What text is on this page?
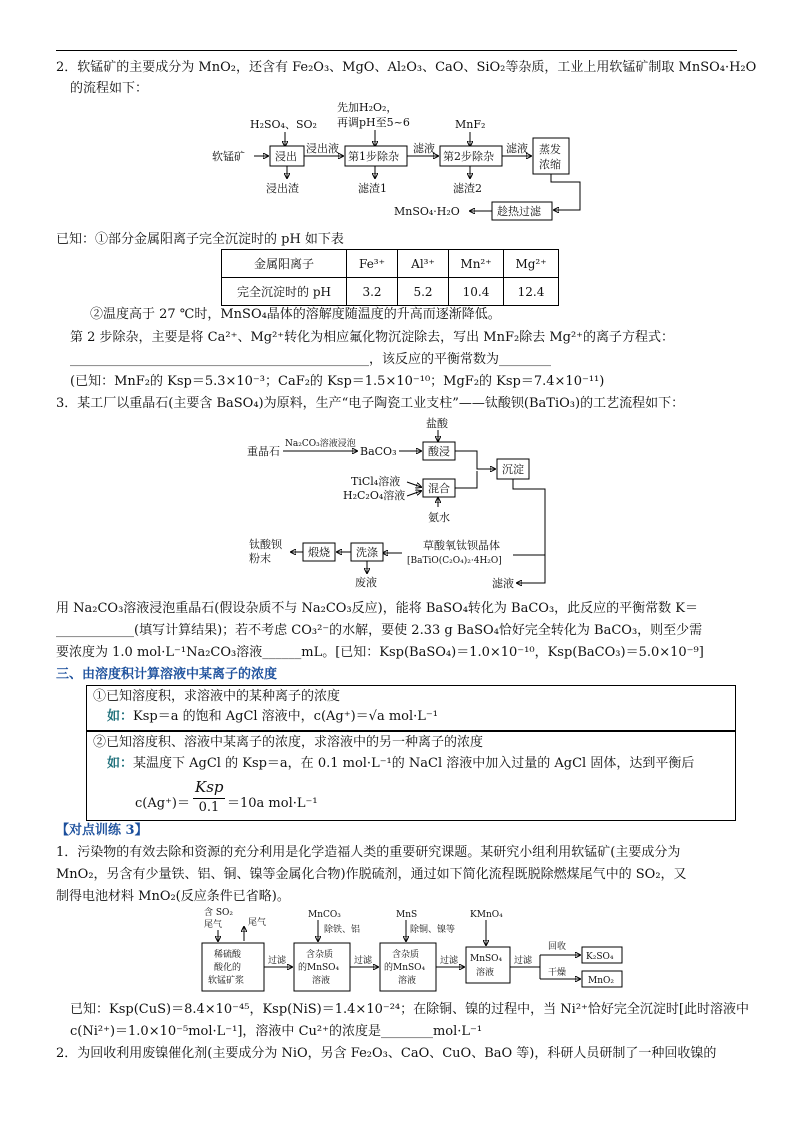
2．软锰矿的主要成分为 MnO₂，还含有 Fe₂O₃、MgO、Al₂O₃、CaO、SiO₂等杂质，工业上用软锰矿制取 MnSO₄·H₂O
的流程如下：
H₂SO₄、SO₂
软锰矿	浸出
浸出液
浸出渣
先加H₂O₂，
再调pH至5~6
第1步除杂
滤液
滤渣1
MnF₂
第2步除杂
滤液
滤渣2
蒸发
浓缩
趁热过滤
MnSO₄·H₂O
已知：①部分金属阳离子完全沉淀时的 pH 如下表
金属阳离子	Fe³⁺	Al³⁺	Mn²⁺	Mg²⁺
完全沉淀时的 pH	3.2	5.2	10.4	12.4
②温度高于 27 ℃时，MnSO₄晶体的溶解度随温度的升高而逐渐降低。
第 2 步除杂，主要是将 Ca²⁺、Mg²⁺转化为相应氟化物沉淀除去，写出 MnF₂除去 Mg²⁺的离子方程式：
______________________________________________，该反应的平衡常数为________
(已知：MnF₂的 Ksp＝5.3×10⁻³；CaF₂的 Ksp＝1.5×10⁻¹⁰；MgF₂的 Ksp＝7.4×10⁻¹¹)
3．某工厂以重晶石(主要含 BaSO₄)为原料，生产“电子陶瓷工业支柱”——钛酸钡(BaTiO₃)的工艺流程如下：
重晶石
Na₂CO₃溶液浸泡
BaCO₃
盐酸
酸浸
沉淀
TiCl₄溶液
H₂C₂O₄溶液
混合
氨水
滤液
草酸氧钛钡晶体
[BaTiO(C₂O₄)₂·4H₂O]
洗涤
废液
煅烧
钛酸钡
粉末
用 Na₂CO₃溶液浸泡重晶石(假设杂质不与 Na₂CO₃反应)，能将 BaSO₄转化为 BaCO₃，此反应的平衡常数 K＝
____________(填写计算结果)；若不考虑 CO₃²⁻的水解，要使 2.33 g BaSO₄恰好完全转化为 BaCO₃，则至少需
要浓度为 1.0 mol·L⁻¹Na₂CO₃溶液______mL。[已知：Ksp(BaSO₄)＝1.0×10⁻¹⁰，Ksp(BaCO₃)＝5.0×10⁻⁹]
三、由溶度积计算溶液中某离子的浓度
①已知溶度积，求溶液中的某种离子的浓度
如：Ksp＝a 的饱和 AgCl 溶液中，c(Ag⁺)＝√a mol·L⁻¹
②已知溶度积、溶液中某离子的浓度，求溶液中的另一种离子的浓度
如：某温度下 AgCl 的 Ksp＝a，在 0.1 mol·L⁻¹的 NaCl 溶液中加入过量的 AgCl 固体，达到平衡后
c(Ag⁺)＝
Ksp
0.1 ＝10a mol·L⁻¹
【对点训练 3】
1．污染物的有效去除和资源的充分利用是化学造福人类的重要研究课题。某研究小组利用软锰矿(主要成分为
MnO₂，另含有少量铁、铝、铜、镍等金属化合物)作脱硫剂，通过如下简化流程既脱除燃煤尾气中的 SO₂，又
制得电池材料 MnO₂(反应条件已省略)。
含 SO₂
尾气	尾气
稀硫酸
酸化的
软锰矿浆
过滤
MnCO₃
除铁、铝
含杂质
的MnSO₄
溶液
过滤
MnS
除铜、镍等
含杂质
的MnSO₄
溶液
过滤
KMnO₄
MnSO₄
溶液
过滤
回收
干燥
K₂SO₄
MnO₂
已知：Ksp(CuS)＝8.4×10⁻⁴⁵，Ksp(NiS)＝1.4×10⁻²⁴；在除铜、镍的过程中，当 Ni²⁺恰好完全沉淀时[此时溶液中
c(Ni²⁺)＝1.0×10⁻⁵mol·L⁻¹]，溶液中 Cu²⁺的浓度是________mol·L⁻¹
2．为回收利用废镍催化剂(主要成分为 NiO，另含 Fe₂O₃、CaO、CuO、BaO 等)，科研人员研制了一种回收镍的
